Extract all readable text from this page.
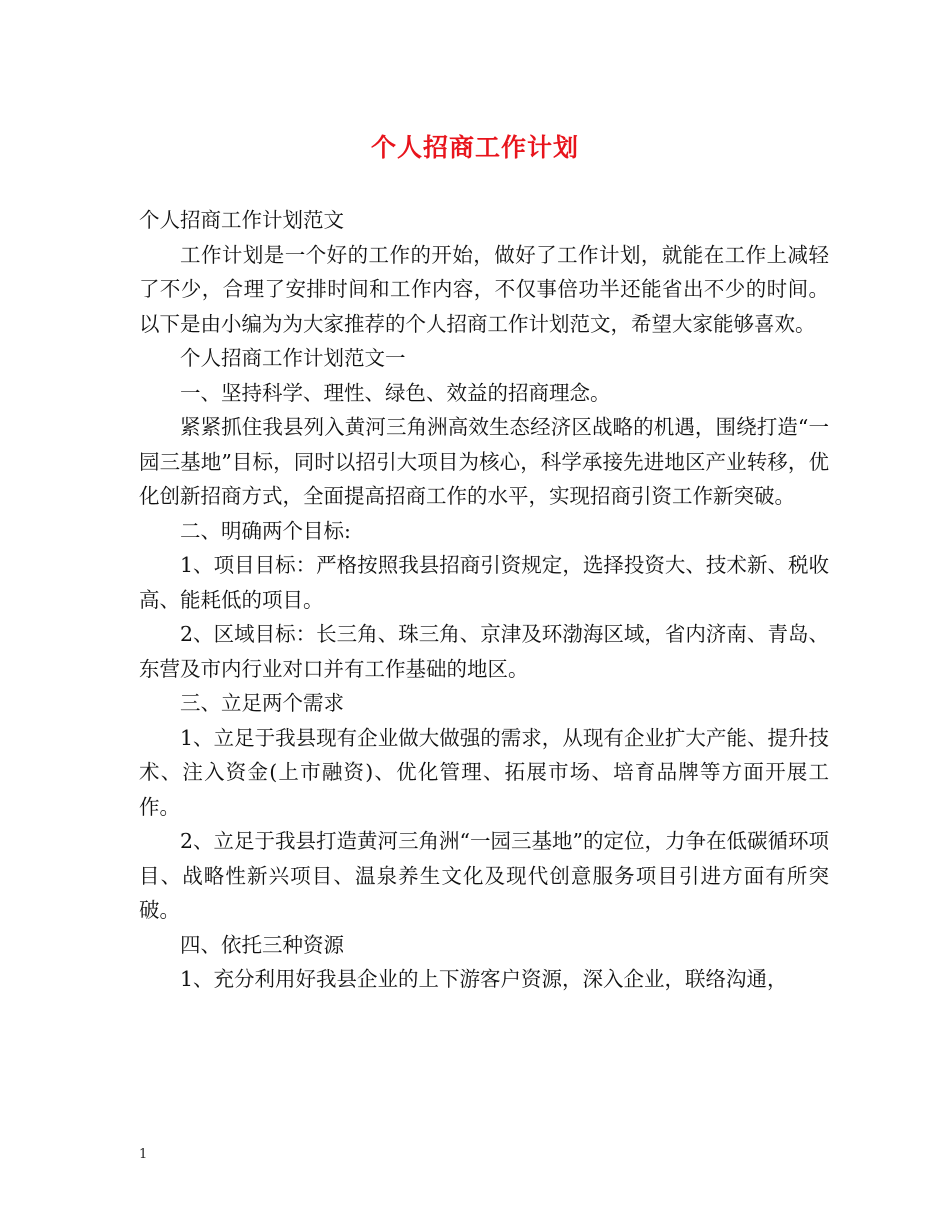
个人招商工作计划

个人招商工作计划范文

工作计划是一个好的工作的开始，做好了工作计划，就能在工作上减轻了不少，合理了安排时间和工作内容，不仅事倍功半还能省出不少的时间。以下是由小编为为大家推荐的个人招商工作计划范文，希望大家能够喜欢。

个人招商工作计划范文一

一、坚持科学、理性、绿色、效益的招商理念。

紧紧抓住我县列入黄河三角洲高效生态经济区战略的机遇，围绕打造“一园三基地”目标，同时以招引大项目为核心，科学承接先进地区产业转移，优化创新招商方式，全面提高招商工作的水平，实现招商引资工作新突破。

二、明确两个目标:

1、项目目标：严格按照我县招商引资规定，选择投资大、技术新、税收高、能耗低的项目。

2、区域目标：长三角、珠三角、京津及环渤海区域，省内济南、青岛、东营及市内行业对口并有工作基础的地区。

三、立足两个需求

1、立足于我县现有企业做大做强的需求，从现有企业扩大产能、提升技术、注入资金(上市融资)、优化管理、拓展市场、培育品牌等方面开展工作。

2、立足于我县打造黄河三角洲“一园三基地”的定位，力争在低碳循环项目、战略性新兴项目、温泉养生文化及现代创意服务项目引进方面有所突破。

四、依托三种资源

1、充分利用好我县企业的上下游客户资源，深入企业，联络沟通，

1
